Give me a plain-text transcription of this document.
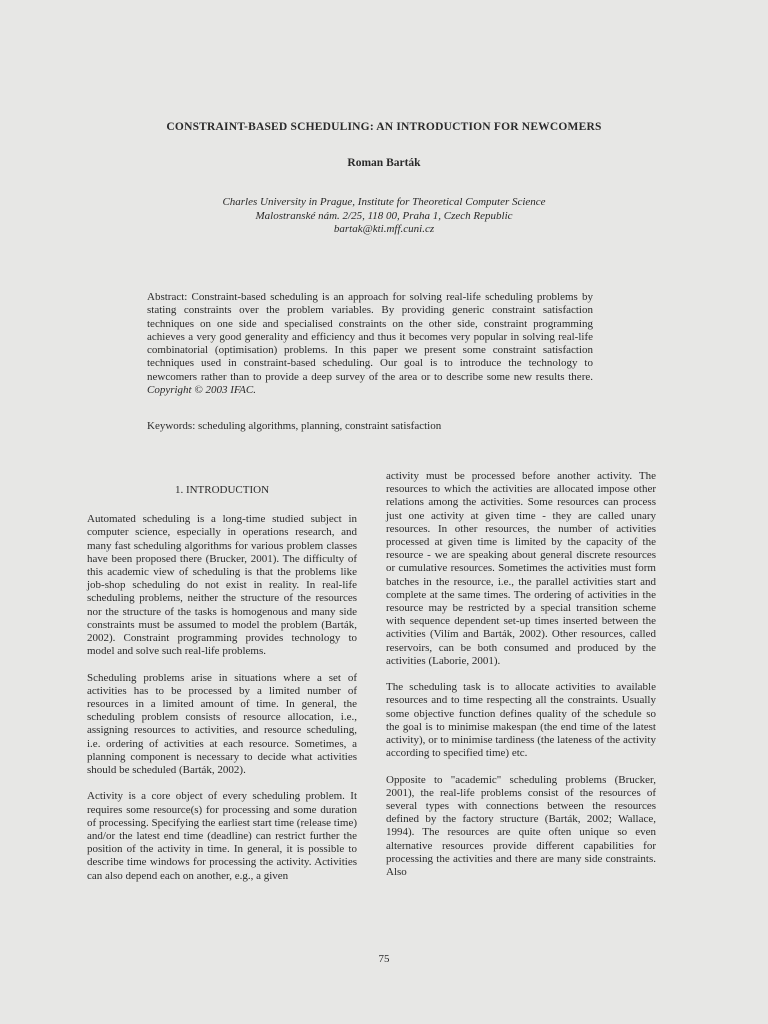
CONSTRAINT-BASED SCHEDULING: AN INTRODUCTION FOR NEWCOMERS
Roman Barták
Charles University in Prague, Institute for Theoretical Computer Science
Malostranské nám. 2/25, 118 00, Praha 1, Czech Republic
bartak@kti.mff.cuni.cz
Abstract: Constraint-based scheduling is an approach for solving real-life scheduling problems by stating constraints over the problem variables. By providing generic constraint satisfaction techniques on one side and specialised constraints on the other side, constraint programming achieves a very good generality and efficiency and thus it becomes very popular in solving real-life combinatorial (optimisation) problems. In this paper we present some constraint satisfaction techniques used in constraint-based scheduling. Our goal is to introduce the technology to newcomers rather than to provide a deep survey of the area or to describe some new results there. Copyright © 2003 IFAC.
Keywords: scheduling algorithms, planning, constraint satisfaction
1. INTRODUCTION

Automated scheduling is a long-time studied subject in computer science, especially in operations research, and many fast scheduling algorithms for various problem classes have been proposed there (Brucker, 2001). The difficulty of this academic view of scheduling is that the problems like job-shop scheduling do not exist in reality. In real-life scheduling problems, neither the structure of the resources nor the structure of the tasks is homogenous and many side constraints must be assumed to model the problem (Barták, 2002). Constraint programming provides technology to model and solve such real-life problems.

Scheduling problems arise in situations where a set of activities has to be processed by a limited number of resources in a limited amount of time. In general, the scheduling problem consists of resource allocation, i.e., assigning resources to activities, and resource scheduling, i.e. ordering of activities at each resource. Sometimes, a planning component is necessary to decide what activities should be scheduled (Barták, 2002).

Activity is a core object of every scheduling problem. It requires some resource(s) for processing and some duration of processing. Specifying the earliest start time (release time) and/or the latest end time (deadline) can restrict further the position of the activity in time. In general, it is possible to describe time windows for processing the activity. Activities can also depend each on another, e.g., a given

activity must be processed before another activity. The resources to which the activities are allocated impose other relations among the activities. Some resources can process just one activity at given time - they are called unary resources. In other resources, the number of activities processed at given time is limited by the capacity of the resource - we are speaking about general discrete resources or cumulative resources. Sometimes the activities must form batches in the resource, i.e., the parallel activities start and complete at the same times. The ordering of activities in the resource may be restricted by a special transition scheme with sequence dependent set-up times inserted between the activities (Vilím and Barták, 2002). Other resources, called reservoirs, can be both consumed and produced by the activities (Laborie, 2001).

The scheduling task is to allocate activities to available resources and to time respecting all the constraints. Usually some objective function defines quality of the schedule so the goal is to minimise makespan (the end time of the latest activity), or to minimise tardiness (the lateness of the activity according to specified time) etc.

Opposite to "academic" scheduling problems (Brucker, 2001), the real-life problems consist of the resources of several types with connections between the resources defined by the factory structure (Barták, 2002; Wallace, 1994). The resources are quite often unique so even alternative resources provide different capabilities for processing the activities and there are many side constraints. Also

75
